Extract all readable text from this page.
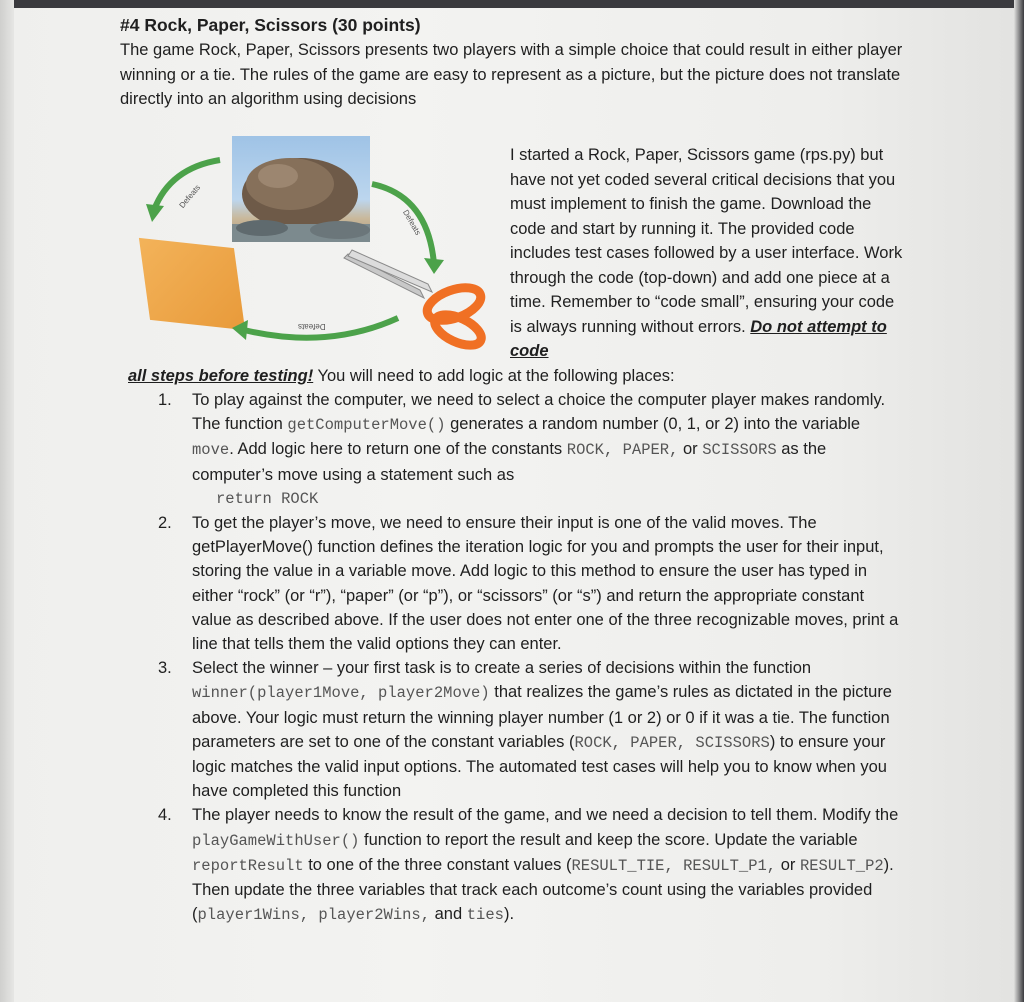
#4 Rock, Paper, Scissors (30 points)

The game Rock, Paper, Scissors presents two players with a simple choice that could result in either player winning or a tie. The rules of the game are easy to represent as a picture, but the picture does not translate directly into an algorithm using decisions

Defeats
Defeats
Defeats

I started a Rock, Paper, Scissors game (rps.py) but have not yet coded several critical decisions that you must implement to finish the game. Download the code and start by running it. The provided code includes test cases followed by a user interface. Work through the code (top-down) and add one piece at a time. Remember to “code small”, ensuring your code is always running without errors. Do not attempt to code

all steps before testing! You will need to add logic at the following places:
1. To play against the computer, we need to select a choice the computer player makes randomly. The function getComputerMove() generates a random number (0, 1, or 2) into the variable move. Add logic here to return one of the constants ROCK, PAPER, or SCISSORS as the computer’s move using a statement such as
return ROCK
2. To get the player’s move, we need to ensure their input is one of the valid moves. The getPlayerMove() function defines the iteration logic for you and prompts the user for their input, storing the value in a variable move. Add logic to this method to ensure the user has typed in either “rock” (or “r”), “paper” (or “p”), or “scissors” (or “s”) and return the appropriate constant value as described above. If the user does not enter one of the three recognizable moves, print a line that tells them the valid options they can enter.
3. Select the winner – your first task is to create a series of decisions within the function winner(player1Move, player2Move) that realizes the game’s rules as dictated in the picture above. Your logic must return the winning player number (1 or 2) or 0 if it was a tie. The function parameters are set to one of the constant variables (ROCK, PAPER, SCISSORS) to ensure your logic matches the valid input options. The automated test cases will help you to know when you have completed this function
4. The player needs to know the result of the game, and we need a decision to tell them. Modify the playGameWithUser() function to report the result and keep the score. Update the variable reportResult to one of the three constant values (RESULT_TIE, RESULT_P1, or RESULT_P2). Then update the three variables that track each outcome’s count using the variables provided (player1Wins, player2Wins, and ties).
